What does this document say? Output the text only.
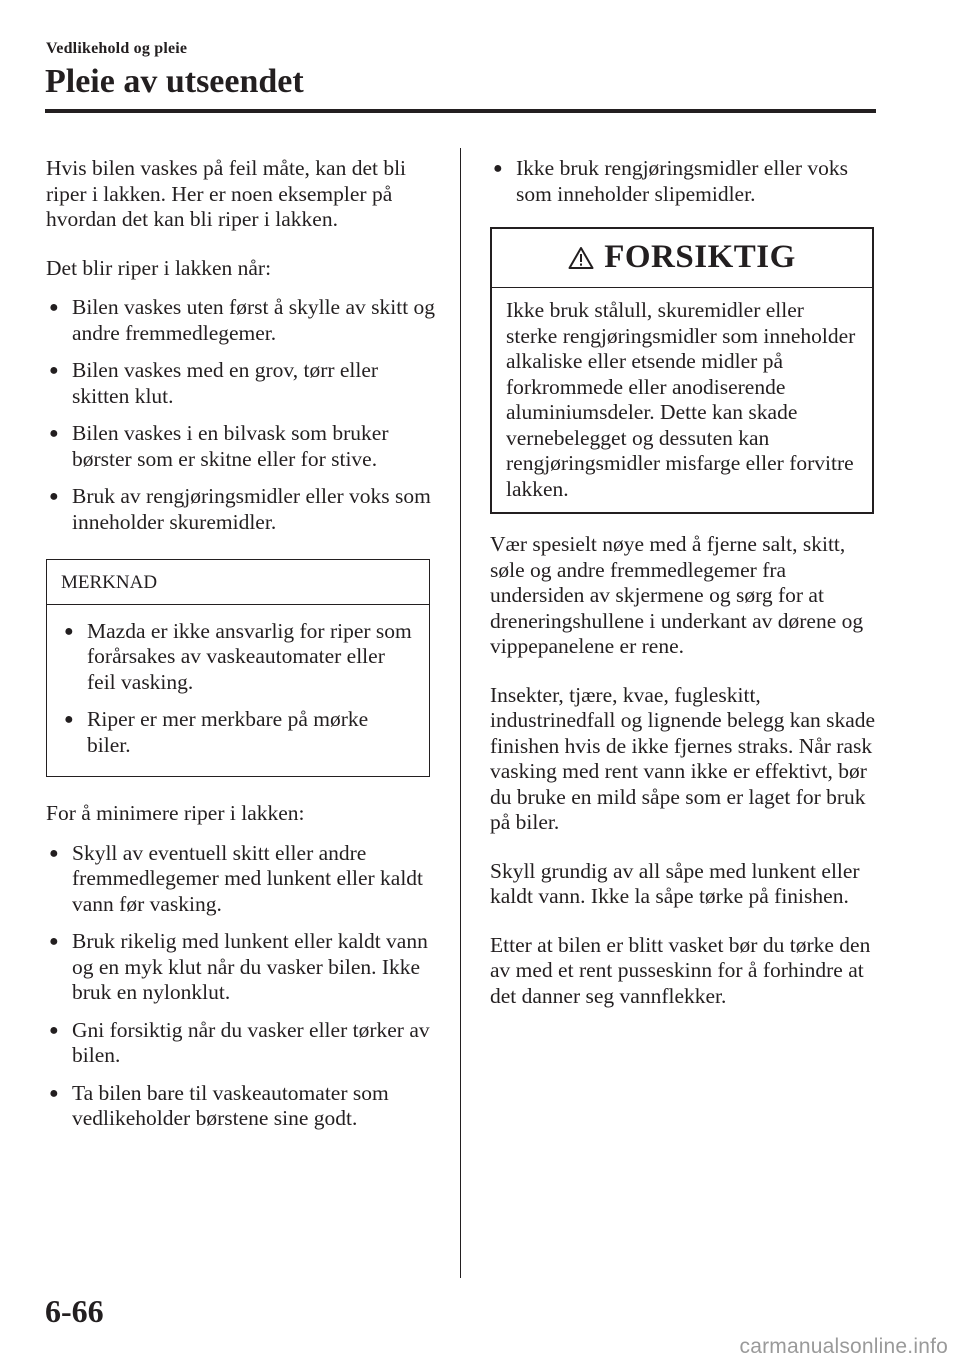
Vedlikehold og pleie
Pleie av utseendet

Hvis bilen vaskes på feil måte, kan det bli riper i lakken. Her er noen eksempler på hvordan det kan bli riper i lakken.

Det blir riper i lakken når:

● Bilen vaskes uten først å skylle av skitt og andre fremmedlegemer.
● Bilen vaskes med en grov, tørr eller skitten klut.
● Bilen vaskes i en bilvask som bruker børster som er skitne eller for stive.
● Bruk av rengjøringsmidler eller voks som inneholder skuremidler.
MERKNAD
● Mazda er ikke ansvarlig for riper som forårsakes av vaskeautomater eller feil vasking.
● Riper er mer merkbare på mørke biler.

For å minimere riper i lakken:

● Skyll av eventuell skitt eller andre fremmedlegemer med lunkent eller kaldt vann før vasking.
● Bruk rikelig med lunkent eller kaldt vann og en myk klut når du vasker bilen. Ikke bruk en nylonklut.
● Gni forsiktig når du vasker eller tørker av bilen.
● Ta bilen bare til vaskeautomater som vedlikeholder børstene sine godt.
● Ikke bruk rengjøringsmidler eller voks som inneholder slipemidler.
FORSIKTIG

Ikke bruk stålull, skuremidler eller sterke rengjøringsmidler som inneholder alkaliske eller etsende midler på forkrommede eller anodiserende aluminiumsdeler. Dette kan skade vernebelegget og dessuten kan rengjøringsmidler misfarge eller forvitre lakken.

Vær spesielt nøye med å fjerne salt, skitt, søle og andre fremmedlegemer fra undersiden av skjermene og sørg for at dreneringshullene i underkant av dørene og vippepanelene er rene.

Insekter, tjære, kvae, fugleskitt, industrinedfall og lignende belegg kan skade finishen hvis de ikke fjernes straks. Når rask vasking med rent vann ikke er effektivt, bør du bruke en mild såpe som er laget for bruk på biler.

Skyll grundig av all såpe med lunkent eller kaldt vann. Ikke la såpe tørke på finishen.

Etter at bilen er blitt vasket bør du tørke den av med et rent pusseskinn for å forhindre at det danner seg vannflekker.

6-66
carmanualsonline.info
